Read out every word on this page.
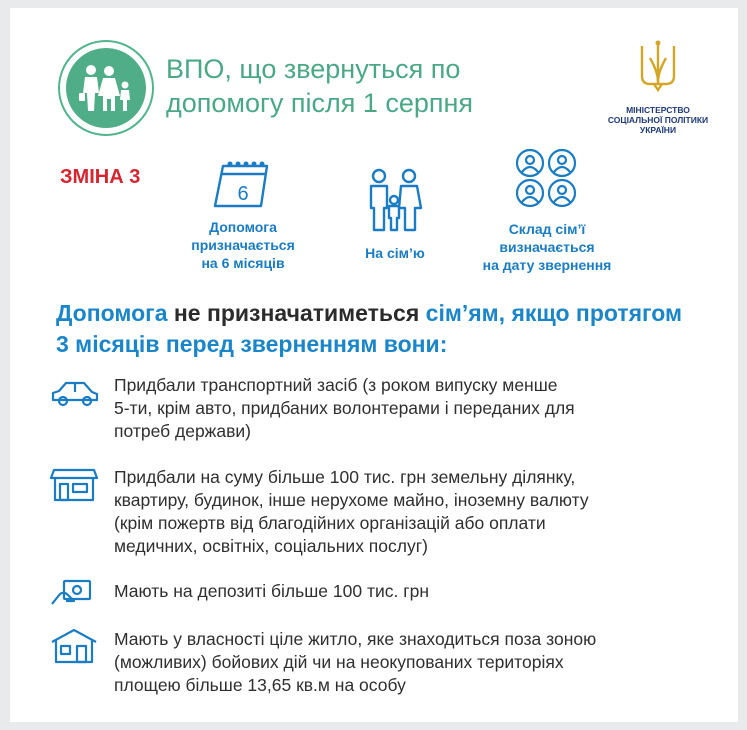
ВПО, що звернуться по допомогу після 1 серпня	МІНІСТЕРСТВО
СОЦІАЛЬНОЇ ПОЛІТИКИ
УКРАЇНИ
ЗМІНА 3
6
Допомога
призначається
на 6 місяців
На сім’ю
Склад сім’ї
визначається
на дату звернення
Допомога не призначатиметься сім’ям, якщо протягом 3 місяців перед зверненням вони:
Придбали транспортний засіб (з роком випуску менше
5-ти, крім авто, придбаних волонтерами і переданих для
потреб держави)
Придбали на суму більше 100 тис. грн земельну ділянку,
квартиру, будинок, інше нерухоме майно, іноземну валюту
(крім пожертв від благодійних організацій або оплати
медичних, освітніх, соціальних послуг)
Мають на депозиті більше 100 тис. грн
Мають у власності ціле житло, яке знаходиться поза зоною
(можливих) бойових дій чи на неокупованих територіях
площею більше 13,65 кв.м на особу
